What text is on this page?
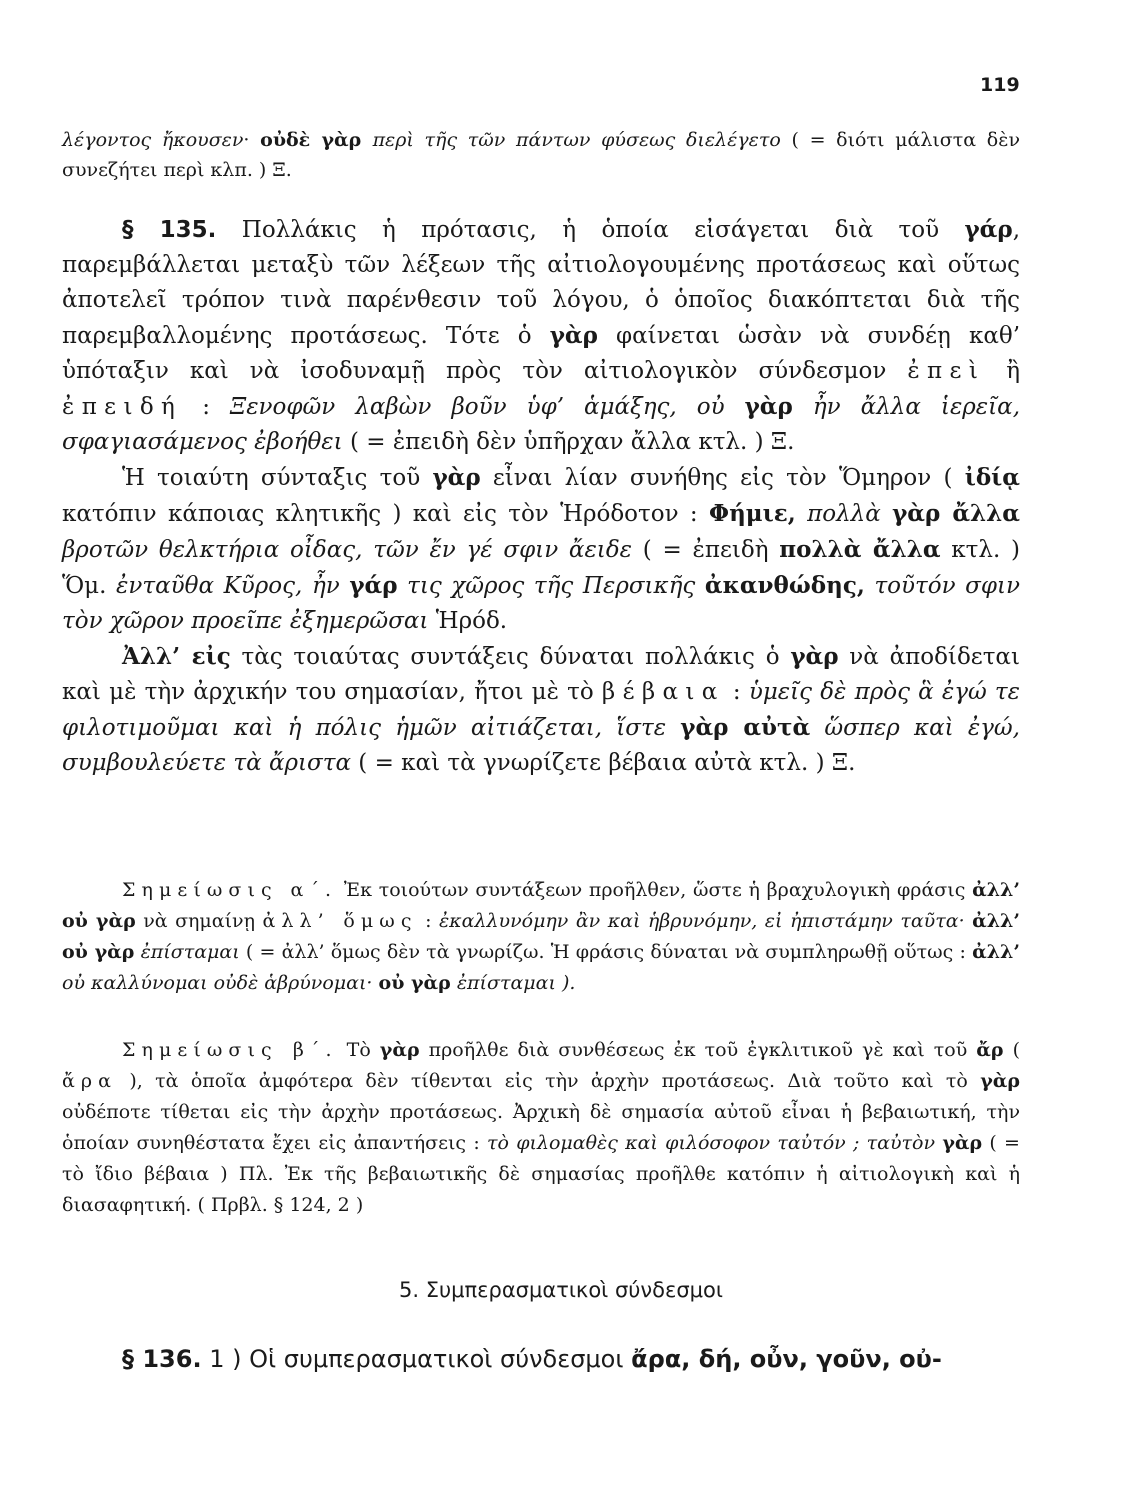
119

λέγοντος ἤκουσεν· οὐδὲ γὰρ περὶ τῆς τῶν πάντων φύσεως διελέγετο ( = διότι μάλιστα δὲν συνεζήτει περὶ κλπ. ) Ξ.

§ 135. Πολλάκις ἡ πρότασις, ἡ ὁποία εἰσάγεται διὰ τοῦ γάρ, παρεμβάλλεται μεταξὺ τῶν λέξεων τῆς αἰτιολογουμένης προτάσεως καὶ οὕτως ἀποτελεῖ τρόπον τινὰ παρένθεσιν τοῦ λόγου, ὁ ὁποῖος διακόπτεται διὰ τῆς παρεμβαλλομένης προτάσεως. Τότε ὁ γὰρ φαίνεται ὡσὰν νὰ συνδέῃ καθ’ ὑπόταξιν καὶ νὰ ἰσοδυναμῇ πρὸς τὸν αἰτιολογικὸν σύνδεσμον ἐπεὶ ἢ ἐπειδή : Ξενοφῶν λαβὼν βοῦν ὑφ’ ἁμάξης, οὐ γὰρ ἦν ἄλλα ἱερεῖα, σφαγιασάμενος ἐβοήθει ( = ἐπειδὴ δὲν ὑπῆρχαν ἄλλα κτλ. ) Ξ.

Ἡ τοιαύτη σύνταξις τοῦ γὰρ εἶναι λίαν συνήθης εἰς τὸν Ὅμηρον ( ἰδίᾳ κατόπιν κάποιας κλητικῆς ) καὶ εἰς τὸν Ἡρόδοτον : Φήμιε, πολλὰ γὰρ ἄλλα βροτῶν θελκτήρια οἶδας, τῶν ἔν γέ σφιν ἄειδε ( = ἐπειδὴ πολλὰ ἄλλα κτλ. ) Ὅμ. ἐνταῦθα Κῦρος, ἦν γάρ τις χῶρος τῆς Περσικῆς ἀκανθώδης, τοῦτόν σφιν τὸν χῶρον προεῖπε ἐξημερῶσαι Ἡρόδ.

Ἀλλ’ εἰς τὰς τοιαύτας συντάξεις δύναται πολλάκις ὁ γὰρ νὰ ἀποδίδεται καὶ μὲ τὴν ἀρχικήν του σημασίαν, ἤτοι μὲ τὸ βέβαια : ὑμεῖς δὲ πρὸς ἃ ἐγώ τε φιλοτιμοῦμαι καὶ ἡ πόλις ἡμῶν αἰτιάζεται, ἵστε γὰρ αὐτὰ ὥσπερ καὶ ἐγώ, συμβουλεύετε τὰ ἄριστα ( = καὶ τὰ γνωρίζετε βέβαια αὐτὰ κτλ. ) Ξ.

Σημείωσις α΄. Ἐκ τοιούτων συντάξεων προῆλθεν, ὥστε ἡ βραχυλογικὴ φράσις ἀλλ’ οὐ γὰρ νὰ σημαίνῃ ἀλλ’ ὅμως : ἐκαλλυνόμην ἂν καὶ ἡβρυνόμην, εἰ ἠπιστάμην ταῦτα· ἀλλ’ οὐ γὰρ ἐπίσταμαι ( = ἀλλ’ ὅμως δὲν τὰ γνωρίζω. Ἡ φράσις δύναται νὰ συμπληρωθῇ οὕτως : ἀλλ’ οὐ καλλύνομαι οὐδὲ ἁβρύνομαι· οὐ γὰρ ἐπίσταμαι ).

Σημείωσις β΄. Τὸ γὰρ προῆλθε διὰ συνθέσεως ἐκ τοῦ ἐγκλιτικοῦ γὲ καὶ τοῦ ἄρ ( ἄρα ), τὰ ὁποῖα ἀμφότερα δὲν τίθενται εἰς τὴν ἀρχὴν προτάσεως. Διὰ τοῦτο καὶ τὸ γὰρ οὐδέποτε τίθεται εἰς τὴν ἀρχὴν προτάσεως. Ἀρχικὴ δὲ σημασία αὐτοῦ εἶναι ἡ βεβαιωτική, τὴν ὁποίαν συνηθέστατα ἔχει εἰς ἀπαντήσεις : τὸ φιλομαθὲς καὶ φιλόσοφον ταὐτόν ; ταὐτὸν γὰρ ( = τὸ ἴδιο βέβαια ) Πλ. Ἐκ τῆς βεβαιωτικῆς δὲ σημασίας προῆλθε κατόπιν ἡ αἰτιολογικὴ καὶ ἡ διασαφητική. ( Πρβλ. § 124, 2 )

5. Συμπερασματικοὶ σύνδεσμοι

§ 136. 1 ) Οἱ συμπερασματικοὶ σύνδεσμοι ἄρα, δή, οὖν, γοῦν, οὐ-
